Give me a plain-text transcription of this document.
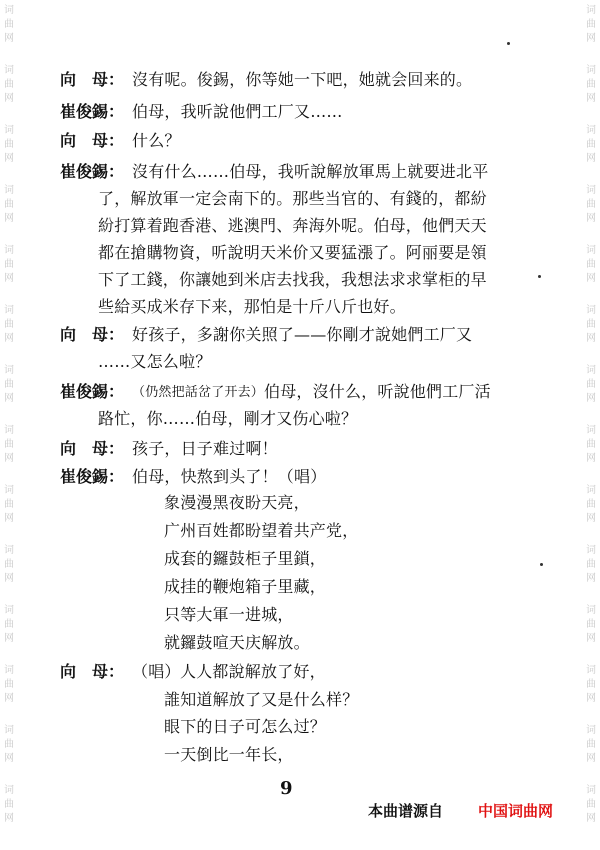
词
曲
网
词
曲
网
词
曲
网
词
曲
网
词
曲
网
词
曲
网
词
曲
网
词
曲
网
词
曲
网
词
曲
网
词
曲
网
词
曲
网
词
曲
网
词
曲
网
词
曲
网
词
曲
网
词
曲
网
词
曲
网
词
曲
网
词
曲
网
词
曲
网
词
曲
网
词
曲
网
词
曲
网
词
曲
网
词
曲
网
词
曲
网
词
曲
网
向　母： 沒有呢。俊錫，你等她一下吧，她就会回来的。
崔俊錫： 伯母，我听說他們工厂又……
向　母： 什么？
崔俊錫： 沒有什么……伯母，我听說解放軍馬上就要进北平
了，解放軍一定会南下的。那些当官的、有錢的，都紛
紛打算着跑香港、逃澳門、奔海外呢。伯母，他們天天
都在搶購物資，听說明天米价又要猛漲了。阿丽要是領
下了工錢，你讓她到米店去找我，我想法求求掌柜的早
些給买成米存下来，那怕是十斤八斤也好。
向　母： 好孩子，多謝你关照了——你剛才說她們工厂又
……又怎么啦？
崔俊錫： （仍然把話岔了开去） 伯母，沒什么，听說他們工厂活
路忙，你……伯母，剛才又伤心啦？
向　母： 孩子，日子难过啊！
崔俊錫： 伯母，快熬到头了！（唱）
象漫漫黑夜盼天亮，
广州百姓都盼望着共产党，
成套的鑼鼓柜子里鎖，
成挂的鞭炮箱子里藏，
只等大軍一进城，
就鑼鼓喧天庆解放。
向　母： （唱） 人人都說解放了好，
誰知道解放了又是什么样？
眼下的日子可怎么过？
一天倒比一年长，
9
本曲谱源自 中国词曲网
